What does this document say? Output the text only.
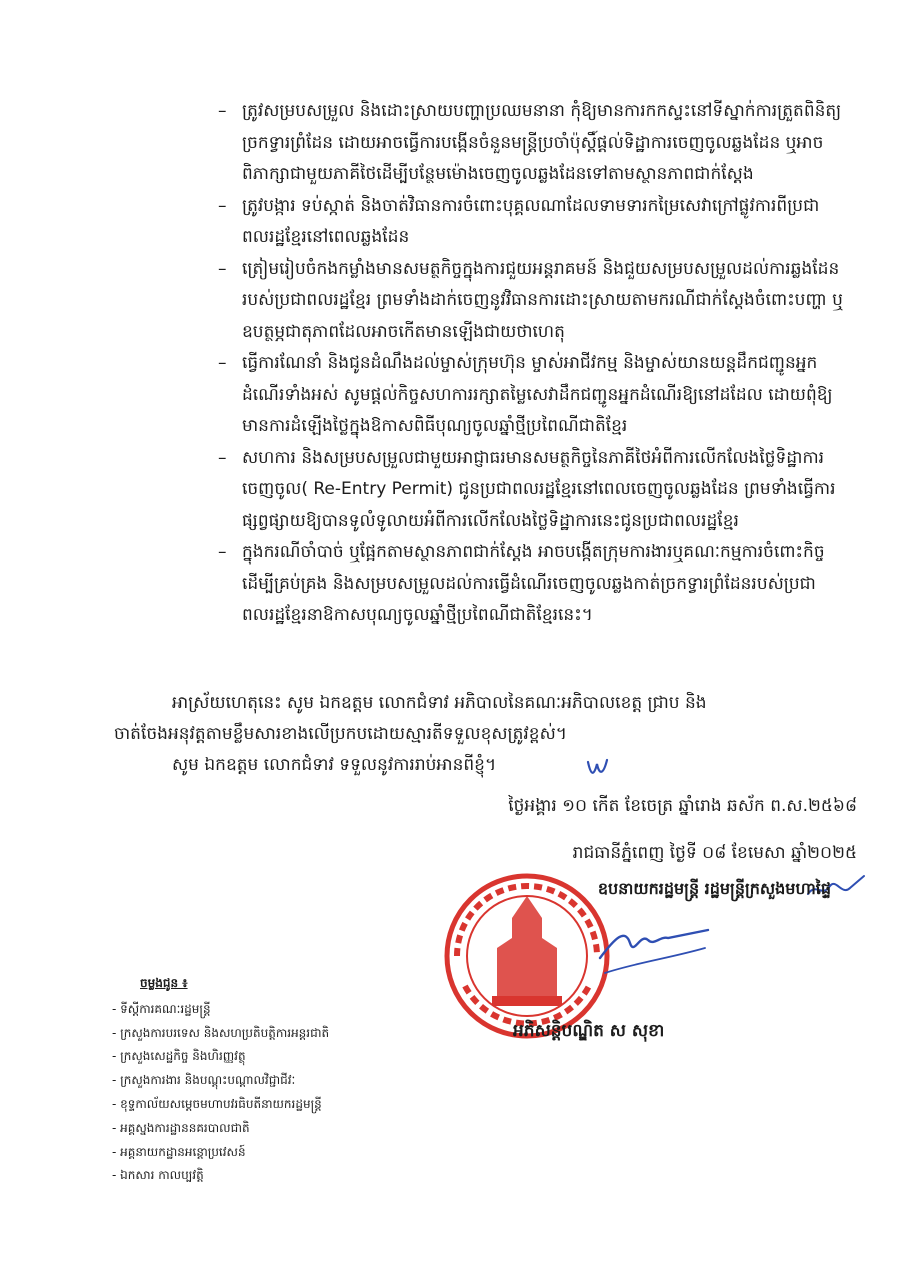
– ត្រូវសម្របសម្រួល និងដោះស្រាយបញ្ហាប្រឈមនានា កុំឱ្យមានការកកស្ទះនៅទីស្នាក់ការត្រួតពិនិត្យច្រកទ្វារព្រំដែន ដោយអាចធ្វើការបង្កើនចំនួនមន្ត្រីប្រចាំប៉ុស្តិ៍ផ្តល់ទិដ្ឋាការចេញចូលឆ្លងដែន ឬអាចពិភាក្សាជាមួយភាគីថៃដើម្បីបន្ថែមម៉ោងចេញចូលឆ្លងដែនទៅតាមស្ថានភាពជាក់ស្តែង
– ត្រូវបង្ការ ទប់ស្កាត់ និងចាត់វិធានការចំពោះបុគ្គលណាដែលទាមទារកម្រៃសេវាក្រៅផ្លូវការពីប្រជាពលរដ្ឋខ្មែរនៅពេលឆ្លងដែន
– ត្រៀមរៀបចំកងកម្លាំងមានសមត្ថកិច្ចក្នុងការជួយអន្តរាគមន៍ និងជួយសម្របសម្រួលដល់ការឆ្លងដែនរបស់ប្រជាពលរដ្ឋខ្មែរ ព្រមទាំងដាក់ចេញនូវវិធានការដោះស្រាយតាមករណីជាក់ស្តែងចំពោះបញ្ហា ឬឧបត្ថម្ភជាតុភាពដែលអាចកើតមានឡើងជាយថាហេតុ
– ធ្វើការណែនាំ និងជូនដំណឹងដល់ម្ចាស់ក្រុមហ៊ុន ម្ចាស់អាជីវកម្ម និងម្ចាស់យានយន្តដឹកជញ្ជូនអ្នកដំណើរទាំងអស់ សូមផ្តល់កិច្ចសហការរក្សាតម្លៃសេវាដឹកជញ្ជូនអ្នកដំណើរឱ្យនៅដដែល ដោយពុំឱ្យមានការដំឡើងថ្លៃក្នុងឱកាសពិធីបុណ្យចូលឆ្នាំថ្មីប្រពៃណីជាតិខ្មែរ
– សហការ និងសម្របសម្រួលជាមួយអាជ្ញាធរមានសមត្ថកិច្ចនៃភាគីថៃអំពីការលើកលែងថ្លៃទិដ្ឋាការចេញចូល( Re-Entry Permit) ជូនប្រជាពលរដ្ឋខ្មែរនៅពេលចេញចូលឆ្លងដែន ព្រមទាំងធ្វើការផ្សព្វផ្សាយឱ្យបានទូលំទូលាយអំពីការលើកលែងថ្លៃទិដ្ឋាការនេះជូនប្រជាពលរដ្ឋខ្មែរ
– ក្នុងករណីចាំបាច់ ឬផ្អែកតាមស្ថានភាពជាក់ស្តែង អាចបង្កើតក្រុមការងារឬគណៈកម្មការចំពោះកិច្ច ដើម្បីគ្រប់គ្រង និងសម្របសម្រួលដល់ការធ្វើដំណើរចេញចូលឆ្លងកាត់ច្រកទ្វារព្រំដែនរបស់ប្រជាពលរដ្ឋខ្មែរនាឱកាសបុណ្យចូលឆ្នាំថ្មីប្រពៃណីជាតិខ្មែរនេះ។
អាស្រ័យហេតុនេះ សូម ឯកឧត្តម លោកជំទាវ អភិបាលនៃគណៈអភិបាលខេត្ត ជ្រាប និង
ចាត់ចែងអនុវត្តតាមខ្លឹមសារខាងលើប្រកបដោយស្មារតីទទួលខុសត្រូវខ្ពស់។
សូម ឯកឧត្តម លោកជំទាវ ទទួលនូវការរាប់អានពីខ្ញុំ។
ថ្ងៃអង្គារ ១០ កើត ខែចេត្រ ឆ្នាំរោង ឆស័ក ព.ស.២៥៦៨
រាជធានីភ្នំពេញ ថ្ងៃទី ០៨ ខែមេសា ឆ្នាំ២០២៥
ឧបនាយករដ្ឋមន្ត្រី រដ្ឋមន្ត្រីក្រសួងមហាផ្ទៃ
អភិសន្តិបណ្ឌិត ស សុខា
ចម្លងជូន ៖
- ទីស្តីការគណៈរដ្ឋមន្ត្រី
- ក្រសួងការបរទេស និងសហប្រតិបត្តិការអន្តរជាតិ
- ក្រសួងសេដ្ឋកិច្ច និងហិរញ្ញវត្ថុ
- ក្រសួងការងារ និងបណ្តុះបណ្តាលវិជ្ជាជីវៈ
- ខុទ្ទកាល័យសម្តេចមហាបវរធិបតីនាយករដ្ឋមន្ត្រី
- អគ្គស្នងការដ្ឋាននគរបាលជាតិ
- អគ្គនាយកដ្ឋានអន្តោប្រវេសន៍
- ឯកសារ កាលប្បវត្តិ
